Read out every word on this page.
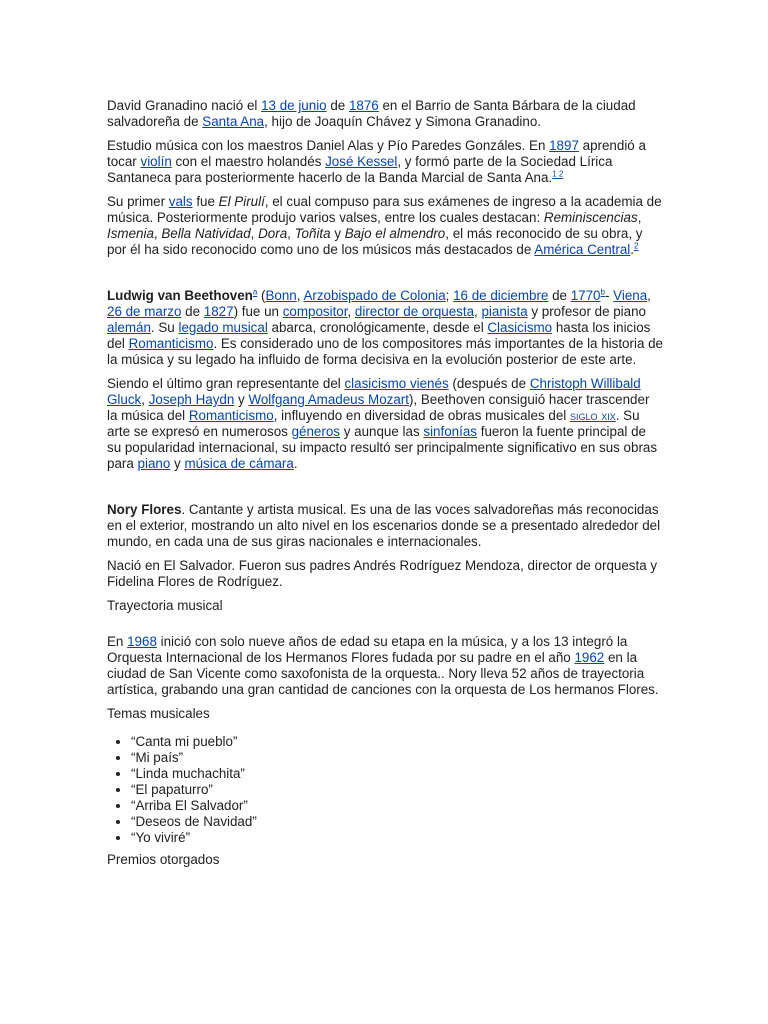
David Granadino nació el 13 de junio de 1876 en el Barrio de Santa Bárbara de la ciudad salvadoreña de Santa Ana, hijo de Joaquín Chávez y Simona Granadino.

Estudio música con los maestros Daniel Alas y Pío Paredes Gonzáles. En 1897 aprendió a tocar violín con el maestro holandés José Kessel, y formó parte de la Sociedad Lírica Santaneca para posteriormente hacerlo de la Banda Marcial de Santa Ana.$^{1 2}$

Su primer vals fue El Pirulí, el cual compuso para sus exámenes de ingreso a la academia de música. Posteriormente produjo varios valses, entre los cuales destacan: Reminiscencias, Ismenia, Bella Natividad, Dora, Toñita y Bajo el almendro, el más reconocido de su obra, y por él ha sido reconocido como uno de los músicos más destacados de América Central.$^2$

Ludwig van Beethoven$^a$ (Bonn, Arzobispado de Colonia; 16 de diciembre de 1770$^b$- Viena, 26 de marzo de 1827) fue un compositor, director de orquesta, pianista y profesor de piano alemán. Su legado musical abarca, cronológicamente, desde el Clasicismo hasta los inicios del Romanticismo. Es considerado uno de los compositores más importantes de la historia de la música y su legado ha influido de forma decisiva en la evolución posterior de este arte.

Siendo el último gran representante del clasicismo vienés (después de Christoph Willibald Gluck, Joseph Haydn y Wolfgang Amadeus Mozart), Beethoven consiguió hacer trascender la música del Romanticismo, influyendo en diversidad de obras musicales del siglo xix. Su arte se expresó en numerosos géneros y aunque las sinfonías fueron la fuente principal de su popularidad internacional, su impacto resultó ser principalmente significativo en sus obras para piano y música de cámara.

Nory Flores. Cantante y artista musical. Es una de las voces salvadoreñas más reconocidas en el exterior, mostrando un alto nivel en los escenarios donde se a presentado alrededor del mundo, en cada una de sus giras nacionales e internacionales.

Nació en El Salvador. Fueron sus padres Andrés Rodríguez Mendoza, director de orquesta y Fidelina Flores de Rodríguez.

Trayectoria musical

En 1968 inició con solo nueve años de edad su etapa en la música, y a los 13 integró la Orquesta Internacional de los Hermanos Flores fudada por su padre en el año 1962 en la ciudad de San Vicente como saxofonista de la orquesta.. Nory lleva 52 años de trayectoria artística, grabando una gran cantidad de canciones con la orquesta de Los hermanos Flores.

Temas musicales

• “Canta mi pueblo”
• “Mi país”
• “Linda muchachita”
• “El papaturro”
• “Arriba El Salvador”
• “Deseos de Navidad”
• “Yo viviré”

Premios otorgados
